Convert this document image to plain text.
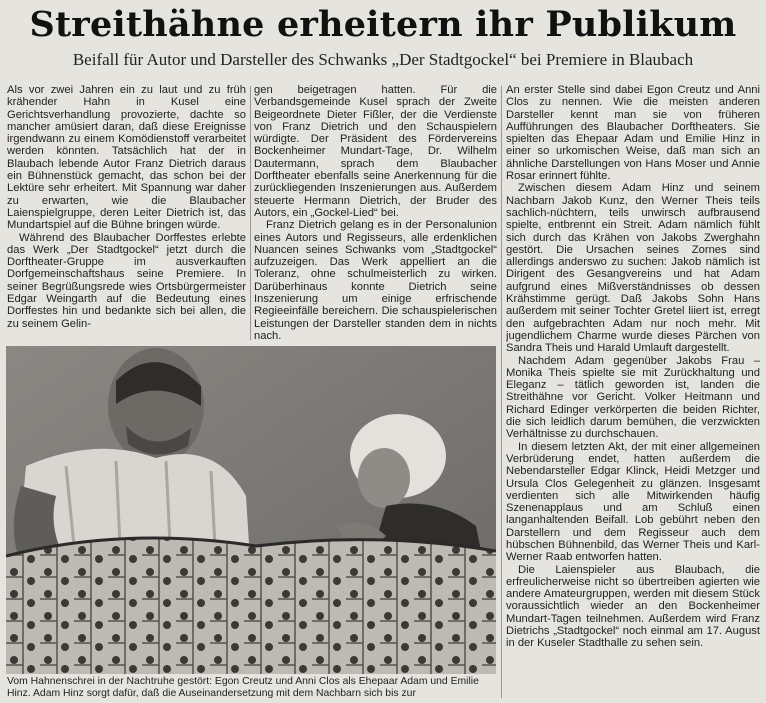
Streithähne erheitern ihr Publikum
Beifall für Autor und Darsteller des Schwanks „Der Stadtgockel“ bei Premiere in Blaubach

Als vor zwei Jahren ein zu laut und zu früh krähender Hahn in Kusel eine Gerichtsverhandlung provozierte, dachte so mancher amüsiert daran, daß diese Ereignisse irgendwann zu einem Komödienstoff verarbeitet werden könnten. Tatsächlich hat der in Blaubach lebende Autor Franz Dietrich daraus ein Bühnenstück gemacht, das schon bei der Lektüre sehr erheitert. Mit Spannung war daher zu erwarten, wie die Blaubacher Laienspielgruppe, deren Leiter Dietrich ist, das Mundartspiel auf die Bühne bringen würde.

Während des Blaubacher Dorffestes erlebte das Werk „Der Stadtgockel“ jetzt durch die Dorftheater-Gruppe im ausverkauften Dorfgemeinschaftshaus seine Premiere. In seiner Begrüßungsrede wies Ortsbürgermeister Edgar Weingarth auf die Bedeutung eines Dorffestes hin und bedankte sich bei allen, die zu seinem Gelin-

gen beigetragen hatten. Für die Verbandsgemeinde Kusel sprach der Zweite Beigeordnete Dieter Fißler, der die Verdienste von Franz Dietrich und den Schauspielern würdigte. Der Präsident des Fördervereins Bockenheimer Mundart-Tage, Dr. Wilhelm Dautermann, sprach dem Blaubacher Dorftheater ebenfalls seine Anerkennung für die zurückliegenden Inszenierungen aus. Außerdem steuerte Hermann Dietrich, der Bruder des Autors, ein „Gockel-Lied“ bei.

Franz Dietrich gelang es in der Personalunion eines Autors und Regisseurs, alle erdenklichen Nuancen seines Schwanks vom „Stadtgockel“ aufzuzeigen. Das Werk appelliert an die Toleranz, ohne schulmeisterlich zu wirken. Darüberhinaus konnte Dietrich seine Inszenierung um einige erfrischende Regieeinfälle bereichern. Die schauspielerischen Leistungen der Darsteller standen dem in nichts nach.

An erster Stelle sind dabei Egon Creutz und Anni Clos zu nennen. Wie die meisten anderen Darsteller kennt man sie von früheren Aufführungen des Blaubacher Dorftheaters. Sie spielten das Ehepaar Adam und Emilie Hinz in einer so urkomischen Weise, daß man sich an ähnliche Darstellungen von Hans Moser und Annie Rosar erinnert fühlte.

Zwischen diesem Adam Hinz und seinem Nachbarn Jakob Kunz, den Werner Theis teils sachlich-nüchtern, teils unwirsch aufbrausend spielte, entbrennt ein Streit. Adam nämlich fühlt sich durch das Krähen von Jakobs Zwerghahn gestört. Die Ursachen seines Zornes sind allerdings anderswo zu suchen: Jakob nämlich ist Dirigent des Gesangvereins und hat Adam aufgrund eines Mißverständnisses ob dessen Krähstimme gerügt. Daß Jakobs Sohn Hans außerdem mit seiner Tochter Gretel liiert ist, erregt den aufgebrachten Adam nur noch mehr. Mit jugendlichem Charme wurde dieses Pärchen von Sandra Theis und Harald Umlauft dargestellt.

Nachdem Adam gegenüber Jakobs Frau – Monika Theis spielte sie mit Zurückhaltung und Eleganz – tätlich geworden ist, landen die Streithähne vor Gericht. Volker Heitmann und Richard Edinger verkörperten die beiden Richter, die sich leidlich darum bemühen, die verzwickten Verhältnisse zu durchschauen.

In diesem letzten Akt, der mit einer allgemeinen Verbrüderung endet, hatten außerdem die Nebendarsteller Edgar Klinck, Heidi Metzger und Ursula Clos Gelegenheit zu glänzen. Insgesamt verdienten sich alle Mitwirkenden häufig Szenenapplaus und am Schluß einen langanhaltenden Beifall. Lob gebührt neben den Darstellern und dem Regisseur auch dem hübschen Bühnenbild, das Werner Theis und Karl-Werner Raab entworfen hatten.

Die Laienspieler aus Blaubach, die erfreulicherweise nicht so übertreiben agierten wie andere Amateurgruppen, werden mit diesem Stück voraussichtlich wieder an den Bockenheimer Mundart-Tagen teilnehmen. Außerdem wird Franz Dietrichs „Stadtgockel“ noch einmal am 17. August in der Kuseler Stadthalle zu sehen sein.

Vom Hahnenschrei in der Nachtruhe gestört: Egon Creutz und Anni Clos als Ehepaar Adam und Emilie Hinz. Adam Hinz sorgt dafür, daß die Auseinandersetzung mit dem Nachbarn sich bis zur
